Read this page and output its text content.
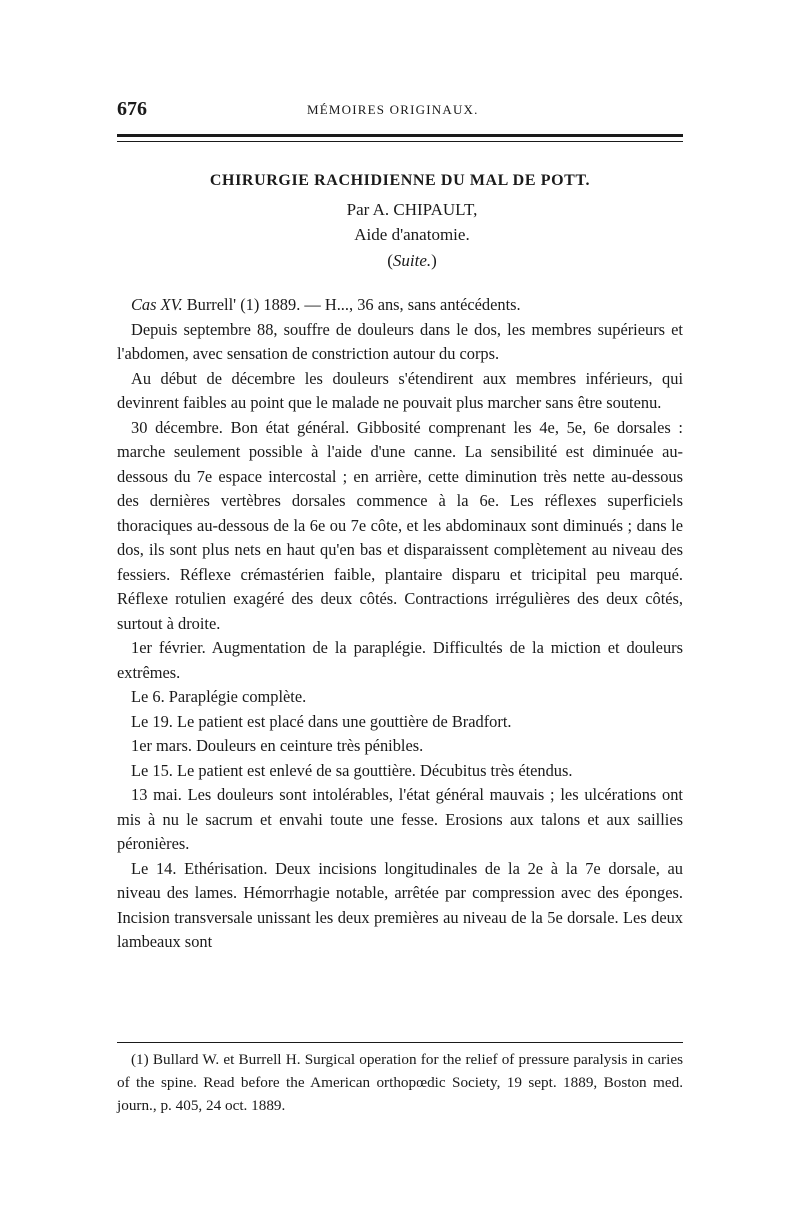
676	MÉMOIRES ORIGINAUX.
CHIRURGIE RACHIDIENNE DU MAL DE POTT.
Par A. CHIPAULT,
Aide d'anatomie.
(Suite.)

Cas XV. Burrell' (1) 1889. — H..., 36 ans, sans antécédents.

Depuis septembre 88, souffre de douleurs dans le dos, les membres supérieurs et l'abdomen, avec sensation de constriction autour du corps.

Au début de décembre les douleurs s'étendirent aux membres inférieurs, qui devinrent faibles au point que le malade ne pouvait plus marcher sans être soutenu.

30 décembre. Bon état général. Gibbosité comprenant les 4e, 5e, 6e dorsales : marche seulement possible à l'aide d'une canne. La sensibilité est diminuée au-dessous du 7e espace intercostal ; en arrière, cette diminution très nette au-dessous des dernières vertèbres dorsales commence à la 6e. Les réflexes superficiels thoraciques au-dessous de la 6e ou 7e côte, et les abdominaux sont diminués ; dans le dos, ils sont plus nets en haut qu'en bas et disparaissent complètement au niveau des fessiers. Réflexe crémastérien faible, plantaire disparu et tricipital peu marqué. Réflexe rotulien exagéré des deux côtés. Contractions irrégulières des deux côtés, surtout à droite.

1er février. Augmentation de la paraplégie. Difficultés de la miction et douleurs extrêmes.

Le 6. Paraplégie complète.

Le 19. Le patient est placé dans une gouttière de Bradfort.

1er mars. Douleurs en ceinture très pénibles.

Le 15. Le patient est enlevé de sa gouttière. Décubitus très étendus.

13 mai. Les douleurs sont intolérables, l'état général mauvais ; les ulcérations ont mis à nu le sacrum et envahi toute une fesse. Erosions aux talons et aux saillies péronières.

Le 14. Ethérisation. Deux incisions longitudinales de la 2e à la 7e dorsale, au niveau des lames. Hémorrhagie notable, arrêtée par compression avec des éponges. Incision transversale unissant les deux premières au niveau de la 5e dorsale. Les deux lambeaux sont

(1) Bullard W. et Burrell H. Surgical operation for the relief of pressure paralysis in caries of the spine. Read before the American orthopœdic Society, 19 sept. 1889, Boston med. journ., p. 405, 24 oct. 1889.
